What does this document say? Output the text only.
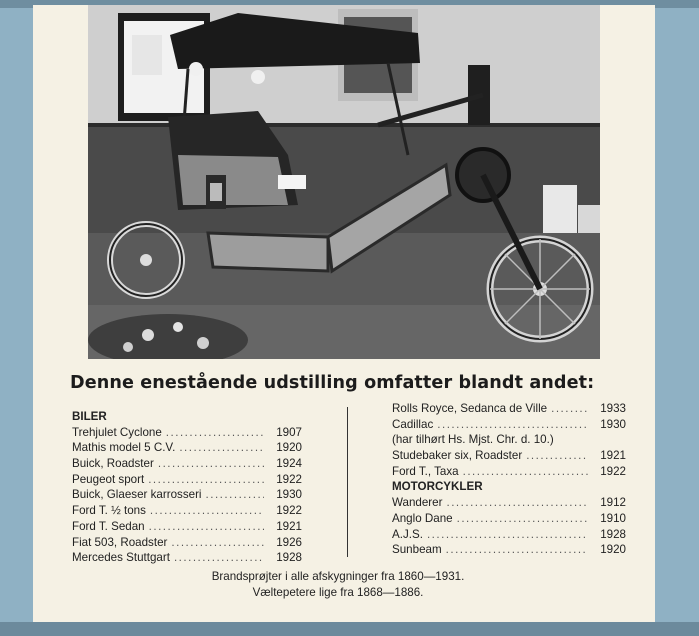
Denne enestående udstilling omfatter blandt andet:
BILER
Trehjulet Cyclone .....	1907
Mathis model 5 C.V. .....	1920
Buick, Roadster .....	1924
Peugeot sport .....	1922
Buick, Glaeser karrosseri .....	1930
Ford T. ½ tons .....	1922
Ford T. Sedan .....	1921
Fiat 503, Roadster .....	1926
Mercedes Stuttgart .....	1928
Rolls Royce, Sedanca de Ville .....	1933
Cadillac .....	1930
(har tilhørt Hs. Mjst. Chr. d. 10.)
Studebaker six, Roadster .....	1921
Ford T., Taxa .....	1922
MOTORCYKLER
Wanderer .....	1912
Anglo Dane .....	1910
A.J.S. .....	1928
Sunbeam .....	1920
Brandsprøjter i alle afskygninger fra 1860—1931.
Væltepetere lige fra 1868—1886.
